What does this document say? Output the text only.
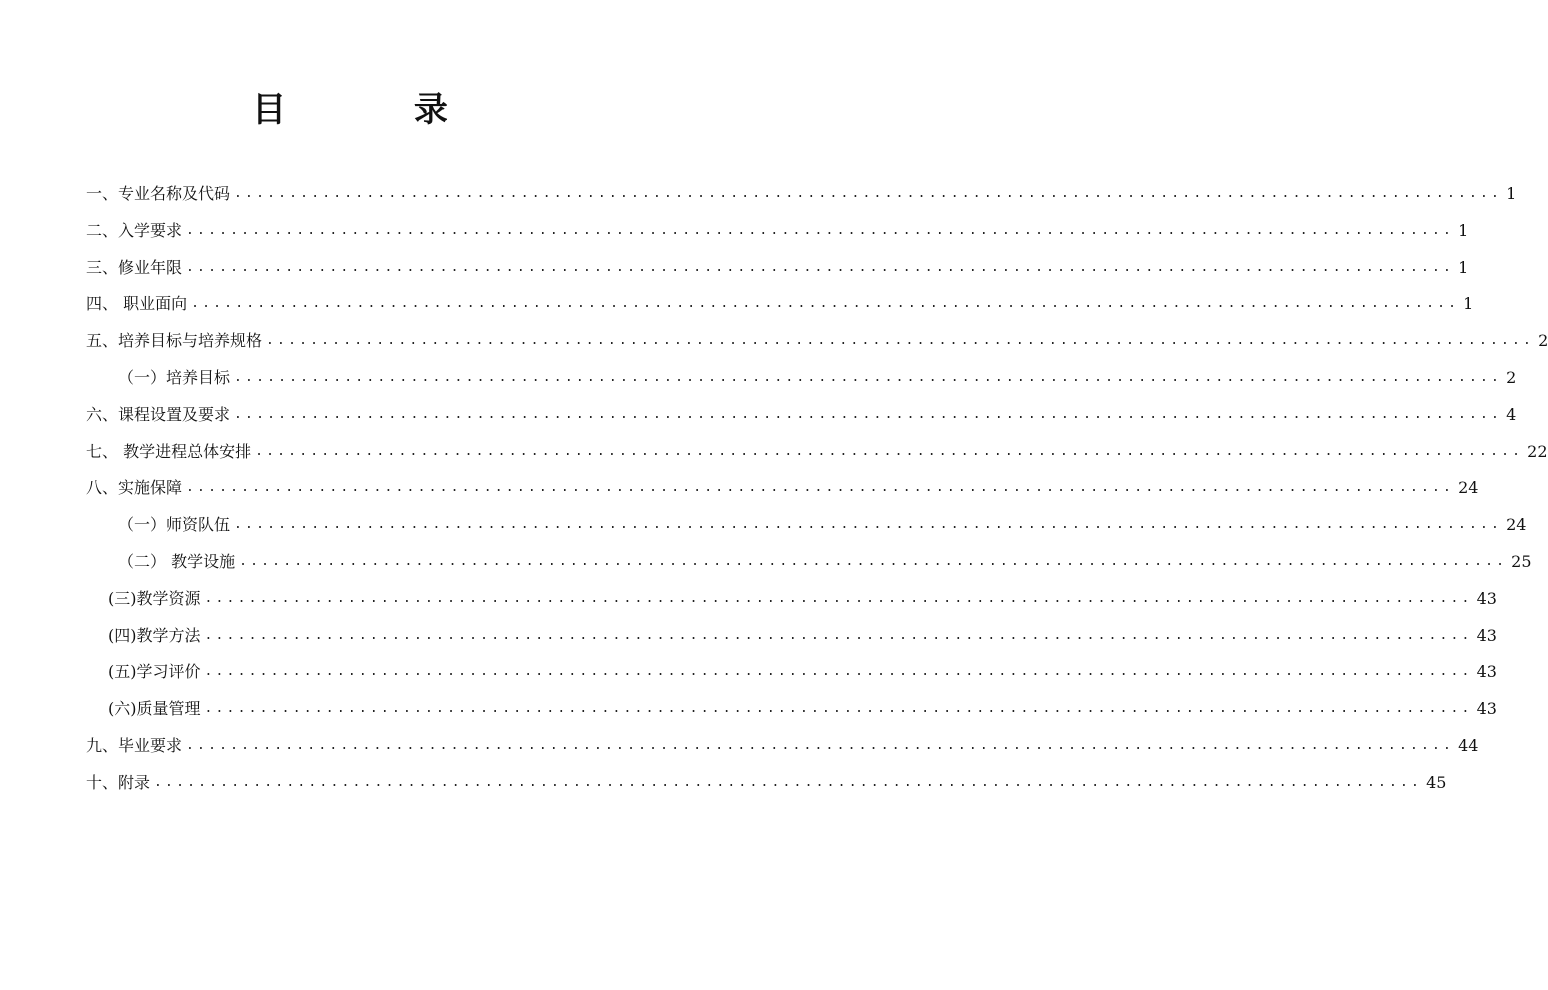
目 录
一、专业名称及代码 ................................................................................................................... 1
二、入学要求 ................................................................................................................... 1
三、修业年限 ................................................................................................................... 1
四、 职业面向 ................................................................................................................... 1
五、培养目标与培养规格 ................................................................................................................... 2
（一）培养目标 ................................................................................................................... 2
六、课程设置及要求 ................................................................................................................... 4
七、 教学进程总体安排 ................................................................................................................... 22
八、实施保障 ................................................................................................................... 24
（一）师资队伍 ................................................................................................................... 24
（二） 教学设施 ................................................................................................................... 25
(三)教学资源 ................................................................................................................... 43
(四)教学方法 ................................................................................................................... 43
(五)学习评价 ................................................................................................................... 43
(六)质量管理 ................................................................................................................... 43
九、毕业要求 ................................................................................................................... 44
十、附录 ................................................................................................................... 45
